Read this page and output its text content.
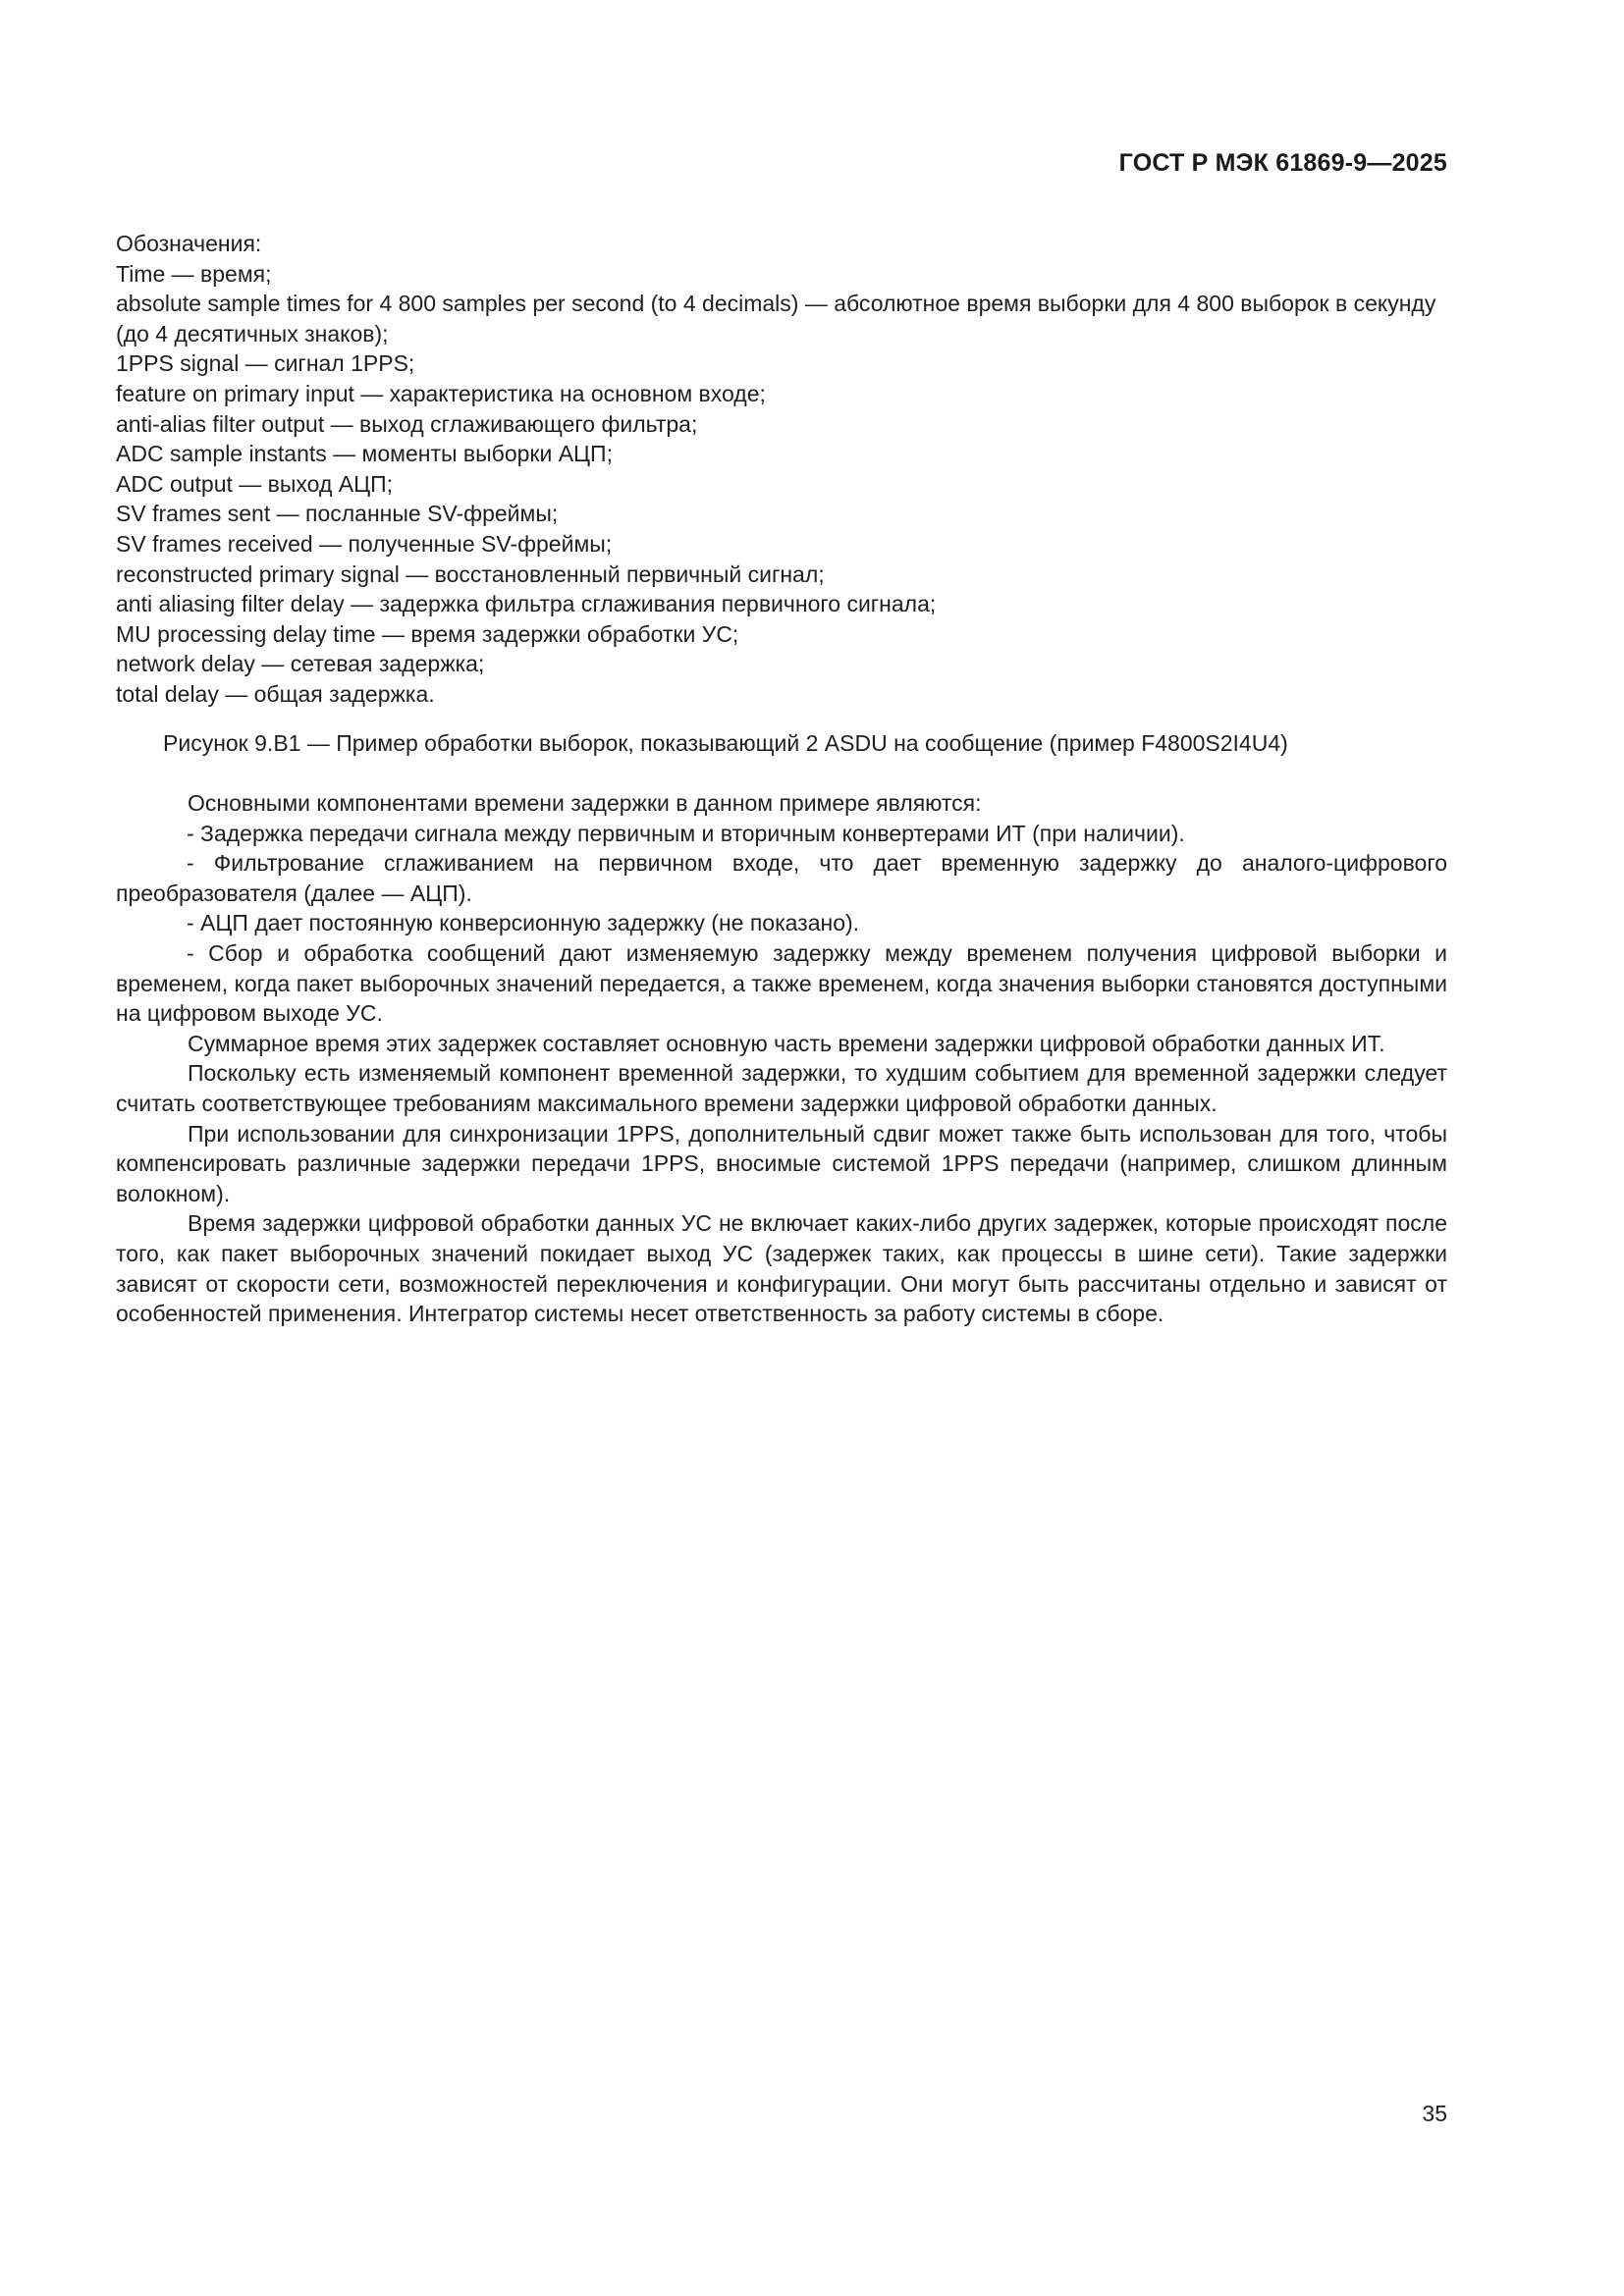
ГОСТ Р МЭК 61869-9—2025
Обозначения:
Time — время;
absolute sample times for 4 800 samples per second (to 4 decimals) — абсолютное время выборки для 4 800 выборок в секунду (до 4 десятичных знаков);
1PPS signal — сигнал 1PPS;
feature on primary input — характеристика на основном входе;
anti-alias filter output — выход сглаживающего фильтра;
ADC sample instants — моменты выборки АЦП;
ADC output — выход АЦП;
SV frames sent — посланные SV-фреймы;
SV frames received — полученные SV-фреймы;
reconstructed primary signal — восстановленный первичный сигнал;
anti aliasing filter delay — задержка фильтра сглаживания первичного сигнала;
MU processing delay time — время задержки обработки УС;
network delay — сетевая задержка;
total delay — общая задержка.
Рисунок 9.В1 — Пример обработки выборок, показывающий 2 ASDU на сообщение (пример F4800S2I4U4)

Основными компонентами времени задержки в данном примере являются:

- Задержка передачи сигнала между первичным и вторичным конвертерами ИТ (при наличии).

- Фильтрование сглаживанием на первичном входе, что дает временную задержку до аналого-цифрового преобразователя (далее — АЦП).

- АЦП дает постоянную конверсионную задержку (не показано).

- Сбор и обработка сообщений дают изменяемую задержку между временем получения цифровой выборки и временем, когда пакет выборочных значений передается, а также временем, когда значения выборки становятся доступными на цифровом выходе УС.

Суммарное время этих задержек составляет основную часть времени задержки цифровой обработки данных ИТ.

Поскольку есть изменяемый компонент временной задержки, то худшим событием для временной задержки следует считать соответствующее требованиям максимального времени задержки цифровой обработки данных.

При использовании для синхронизации 1PPS, дополнительный сдвиг может также быть использован для того, чтобы компенсировать различные задержки передачи 1PPS, вносимые системой 1PPS передачи (например, слишком длинным волокном).

Время задержки цифровой обработки данных УС не включает каких-либо других задержек, которые происходят после того, как пакет выборочных значений покидает выход УС (задержек таких, как процессы в шине сети). Такие задержки зависят от скорости сети, возможностей переключения и конфигурации. Они могут быть рассчитаны отдельно и зависят от особенностей применения. Интегратор системы несет ответственность за работу системы в сборе.

35
